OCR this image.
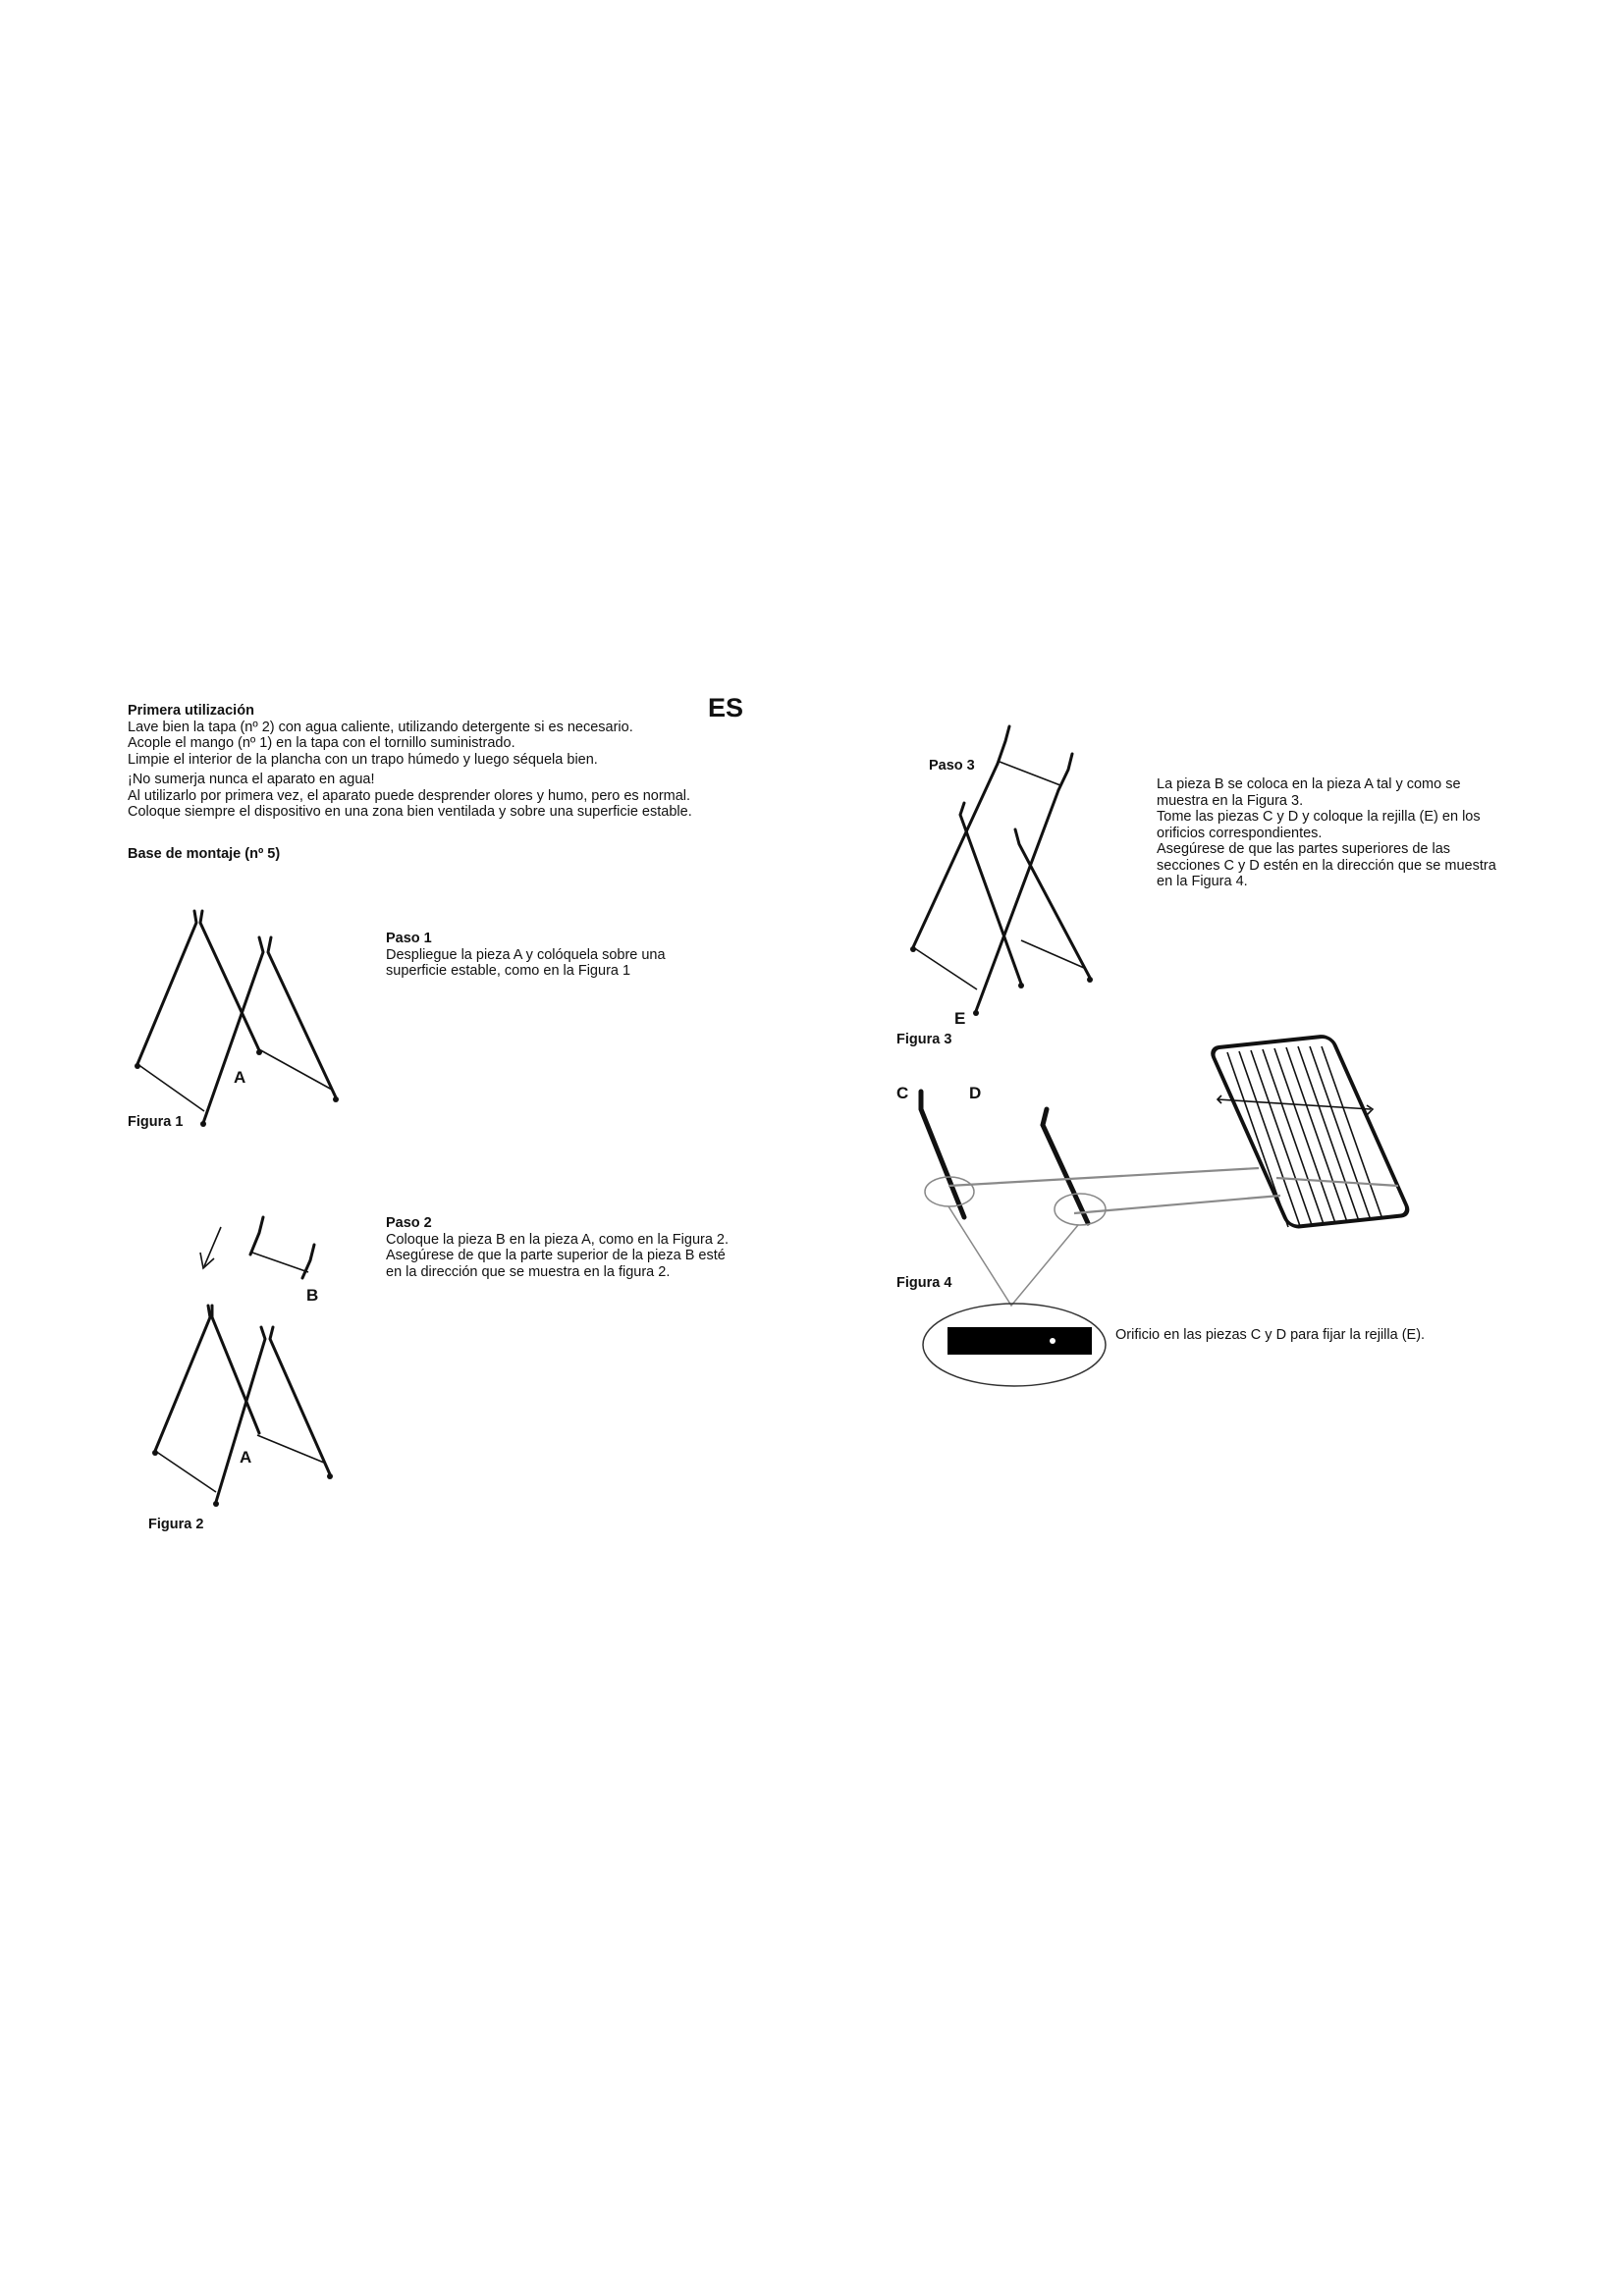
ES
Primera utilización
Lave bien la tapa (nº 2) con agua caliente, utilizando detergente si es necesario.
Acople el mango (nº 1) en la tapa con el tornillo suministrado.
Limpie el interior de la plancha con un trapo húmedo y luego séquela bien.
¡No sumerja nunca el aparato en agua!
Al utilizarlo por primera vez, el aparato puede desprender olores y humo, pero es normal.
Coloque siempre el dispositivo en una zona bien ventilada y sobre una superficie estable.
Base de montaje (nº 5)
Paso 1
Despliegue la pieza A y colóquela sobre una
superficie estable, como en la Figura 1
Paso 2
Coloque la pieza B en la pieza A, como en la Figura 2.
Asegúrese de que la parte superior de la pieza B esté
en la dirección que se muestra en la figura 2.
Figura 1
Figura 2
Paso 3
La pieza B se coloca en la pieza A tal y como se
muestra en la Figura 3.
Tome las piezas C y D y coloque la rejilla (E) en los
orificios correspondientes.
Asegúrese de que las partes superiores de las
secciones C y D estén en la dirección que se muestra
en la Figura 4.
Figura 3
Figura 4
Orificio en las piezas C y D para fijar la rejilla (E).
A
B
A
E
C	D
